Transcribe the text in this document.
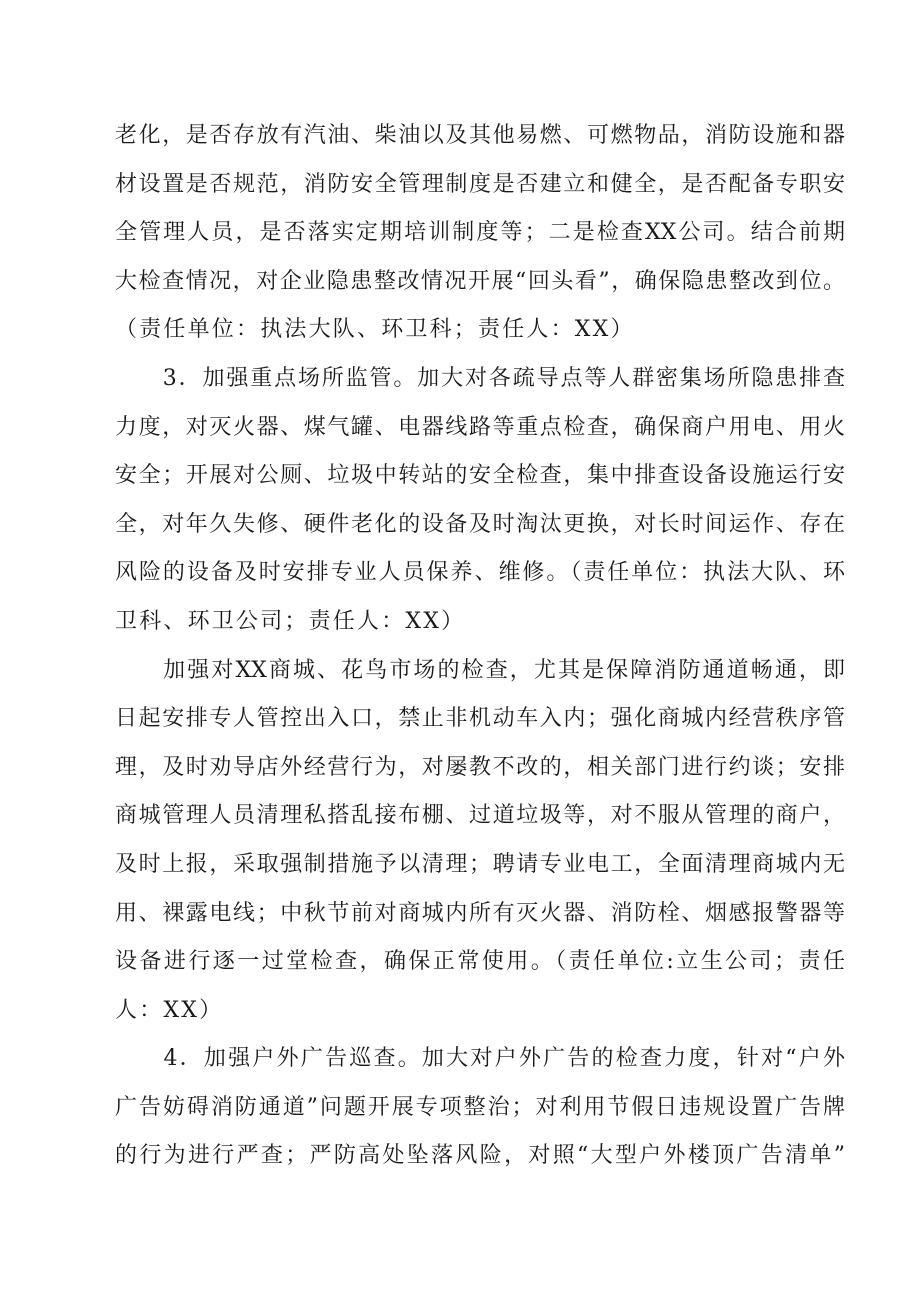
老化，是否存放有汽油、柴油以及其他易燃、可燃物品，消防设施和器
材设置是否规范，消防安全管理制度是否建立和健全，是否配备专职安
全管理人员，是否落实定期培训制度等；二是检查XX公司。结合前期
大检查情况，对企业隐患整改情况开展“回头看”，确保隐患整改到位。
（责任单位：执法大队、环卫科；责任人：XX）
　　3．加强重点场所监管。加大对各疏导点等人群密集场所隐患排查
力度，对灭火器、煤气罐、电器线路等重点检查，确保商户用电、用火
安全；开展对公厕、垃圾中转站的安全检查，集中排查设备设施运行安
全，对年久失修、硬件老化的设备及时淘汰更换，对长时间运作、存在
风险的设备及时安排专业人员保养、维修。（责任单位：执法大队、环
卫科、环卫公司；责任人：XX）
　　加强对XX商城、花鸟市场的检查，尤其是保障消防通道畅通，即
日起安排专人管控出入口，禁止非机动车入内；强化商城内经营秩序管
理，及时劝导店外经营行为，对屡教不改的，相关部门进行约谈；安排
商城管理人员清理私搭乱接布棚、过道垃圾等，对不服从管理的商户，
及时上报，采取强制措施予以清理；聘请专业电工，全面清理商城内无
用、裸露电线；中秋节前对商城内所有灭火器、消防栓、烟感报警器等
设备进行逐一过堂检查，确保正常使用。（责任单位:立生公司；责任
人：XX）
　　4．加强户外广告巡查。加大对户外广告的检查力度，针对“户外
广告妨碍消防通道”问题开展专项整治；对利用节假日违规设置广告牌
的行为进行严查；严防高处坠落风险，对照“大型户外楼顶广告清单”
